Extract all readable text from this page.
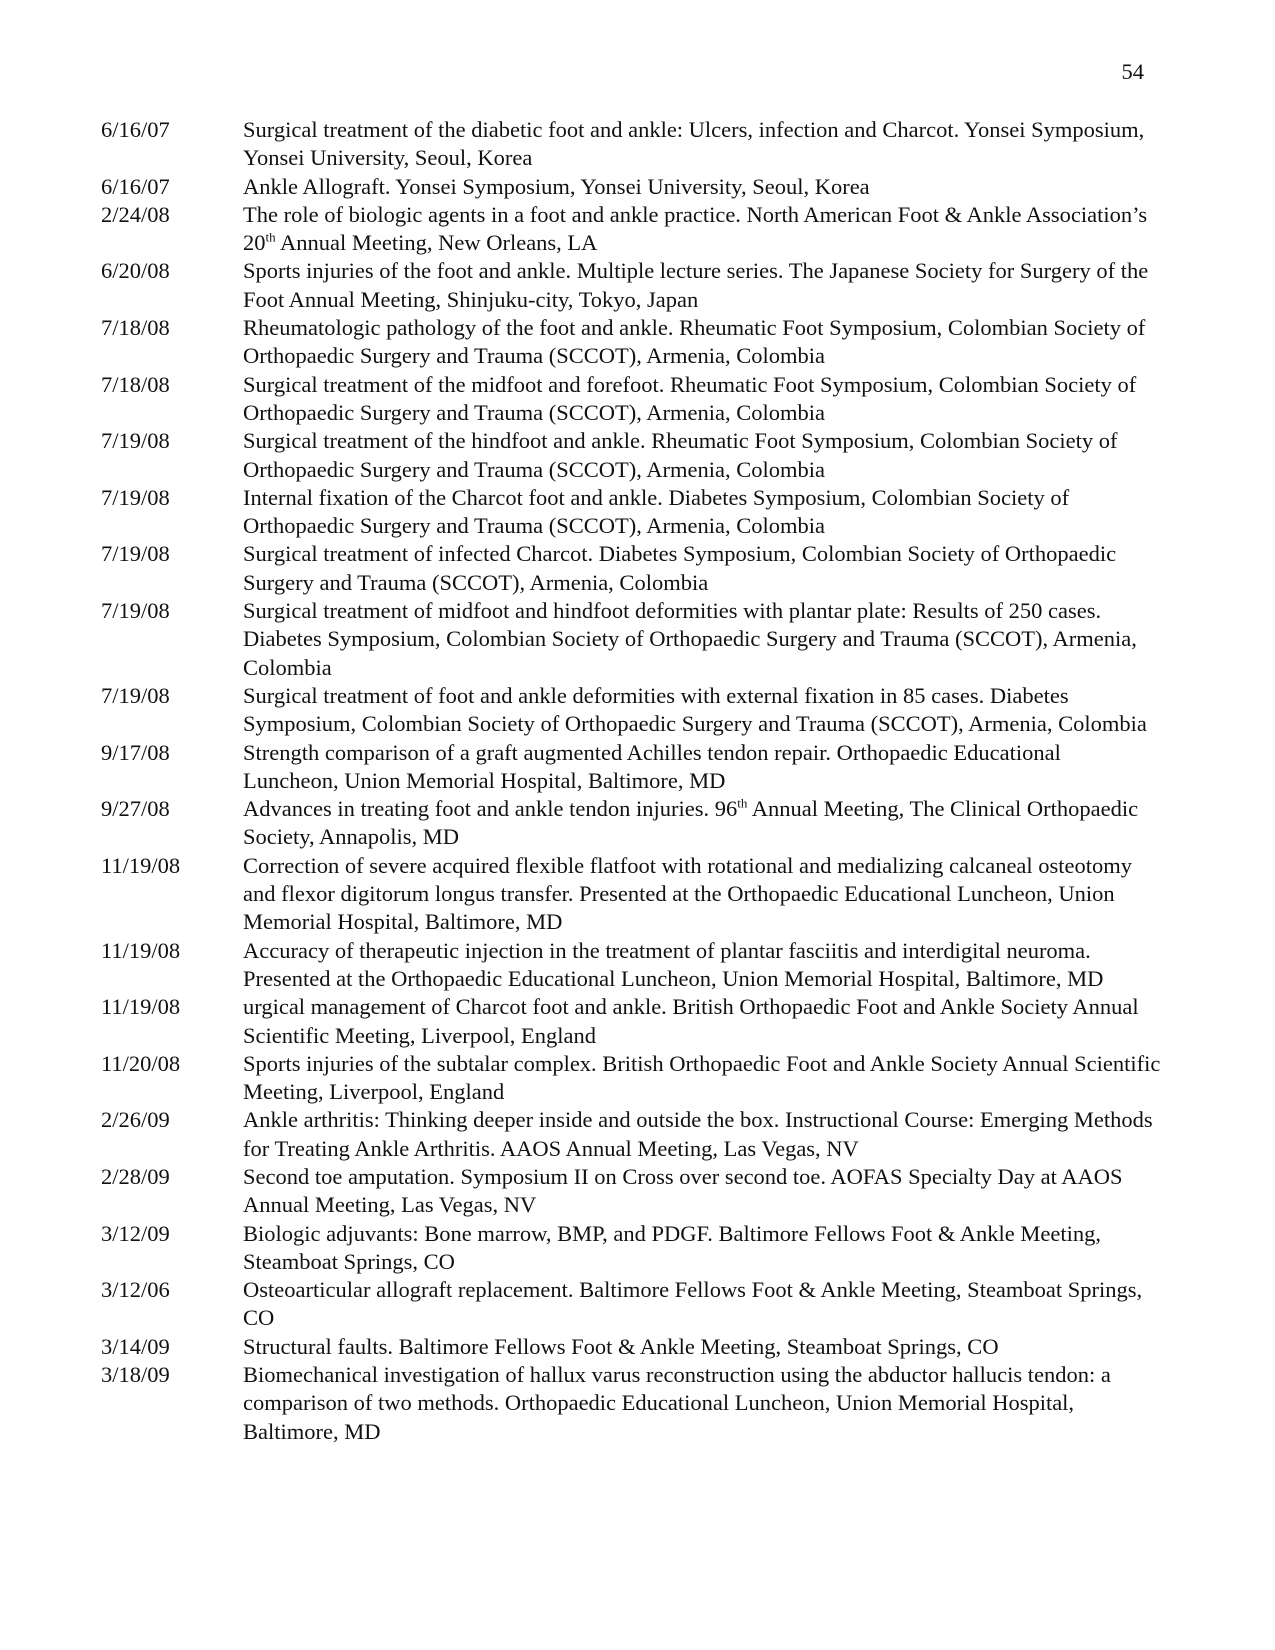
54
6/16/07	Surgical treatment of the diabetic foot and ankle: Ulcers, infection and Charcot. Yonsei Symposium, Yonsei University, Seoul, Korea
6/16/07	Ankle Allograft. Yonsei Symposium, Yonsei University, Seoul, Korea
2/24/08	The role of biologic agents in a foot and ankle practice. North American Foot & Ankle Association’s 20th Annual Meeting, New Orleans, LA
6/20/08	Sports injuries of the foot and ankle. Multiple lecture series. The Japanese Society for Surgery of the Foot Annual Meeting, Shinjuku-city, Tokyo, Japan
7/18/08	Rheumatologic pathology of the foot and ankle. Rheumatic Foot Symposium, Colombian Society of Orthopaedic Surgery and Trauma (SCCOT), Armenia, Colombia
7/18/08	Surgical treatment of the midfoot and forefoot. Rheumatic Foot Symposium, Colombian Society of Orthopaedic Surgery and Trauma (SCCOT), Armenia, Colombia
7/19/08	Surgical treatment of the hindfoot and ankle. Rheumatic Foot Symposium, Colombian Society of Orthopaedic Surgery and Trauma (SCCOT), Armenia, Colombia
7/19/08	Internal fixation of the Charcot foot and ankle. Diabetes Symposium, Colombian Society of Orthopaedic Surgery and Trauma (SCCOT), Armenia, Colombia
7/19/08	Surgical treatment of infected Charcot. Diabetes Symposium, Colombian Society of Orthopaedic Surgery and Trauma (SCCOT), Armenia, Colombia
7/19/08	Surgical treatment of midfoot and hindfoot deformities with plantar plate: Results of 250 cases. Diabetes Symposium, Colombian Society of Orthopaedic Surgery and Trauma (SCCOT), Armenia, Colombia
7/19/08	Surgical treatment of foot and ankle deformities with external fixation in 85 cases. Diabetes Symposium, Colombian Society of Orthopaedic Surgery and Trauma (SCCOT), Armenia, Colombia
9/17/08	Strength comparison of a graft augmented Achilles tendon repair. Orthopaedic Educational Luncheon, Union Memorial Hospital, Baltimore, MD
9/27/08	Advances in treating foot and ankle tendon injuries. 96th Annual Meeting, The Clinical Orthopaedic Society, Annapolis, MD
11/19/08	Correction of severe acquired flexible flatfoot with rotational and medializing calcaneal osteotomy and flexor digitorum longus transfer. Presented at the Orthopaedic Educational Luncheon, Union Memorial Hospital, Baltimore, MD
11/19/08	Accuracy of therapeutic injection in the treatment of plantar fasciitis and interdigital neuroma. Presented at the Orthopaedic Educational Luncheon, Union Memorial Hospital, Baltimore, MD
11/19/08	urgical management of Charcot foot and ankle. British Orthopaedic Foot and Ankle Society Annual Scientific Meeting, Liverpool, England
11/20/08	Sports injuries of the subtalar complex. British Orthopaedic Foot and Ankle Society Annual Scientific Meeting, Liverpool, England
2/26/09	Ankle arthritis: Thinking deeper inside and outside the box. Instructional Course: Emerging Methods for Treating Ankle Arthritis. AAOS Annual Meeting, Las Vegas, NV
2/28/09	Second toe amputation. Symposium II on Cross over second toe. AOFAS Specialty Day at AAOS Annual Meeting, Las Vegas, NV
3/12/09	Biologic adjuvants: Bone marrow, BMP, and PDGF. Baltimore Fellows Foot & Ankle Meeting, Steamboat Springs, CO
3/12/06	Osteoarticular allograft replacement. Baltimore Fellows Foot & Ankle Meeting, Steamboat Springs, CO
3/14/09	Structural faults. Baltimore Fellows Foot & Ankle Meeting, Steamboat Springs, CO
3/18/09	Biomechanical investigation of hallux varus reconstruction using the abductor hallucis tendon: a comparison of two methods. Orthopaedic Educational Luncheon, Union Memorial Hospital, Baltimore, MD
